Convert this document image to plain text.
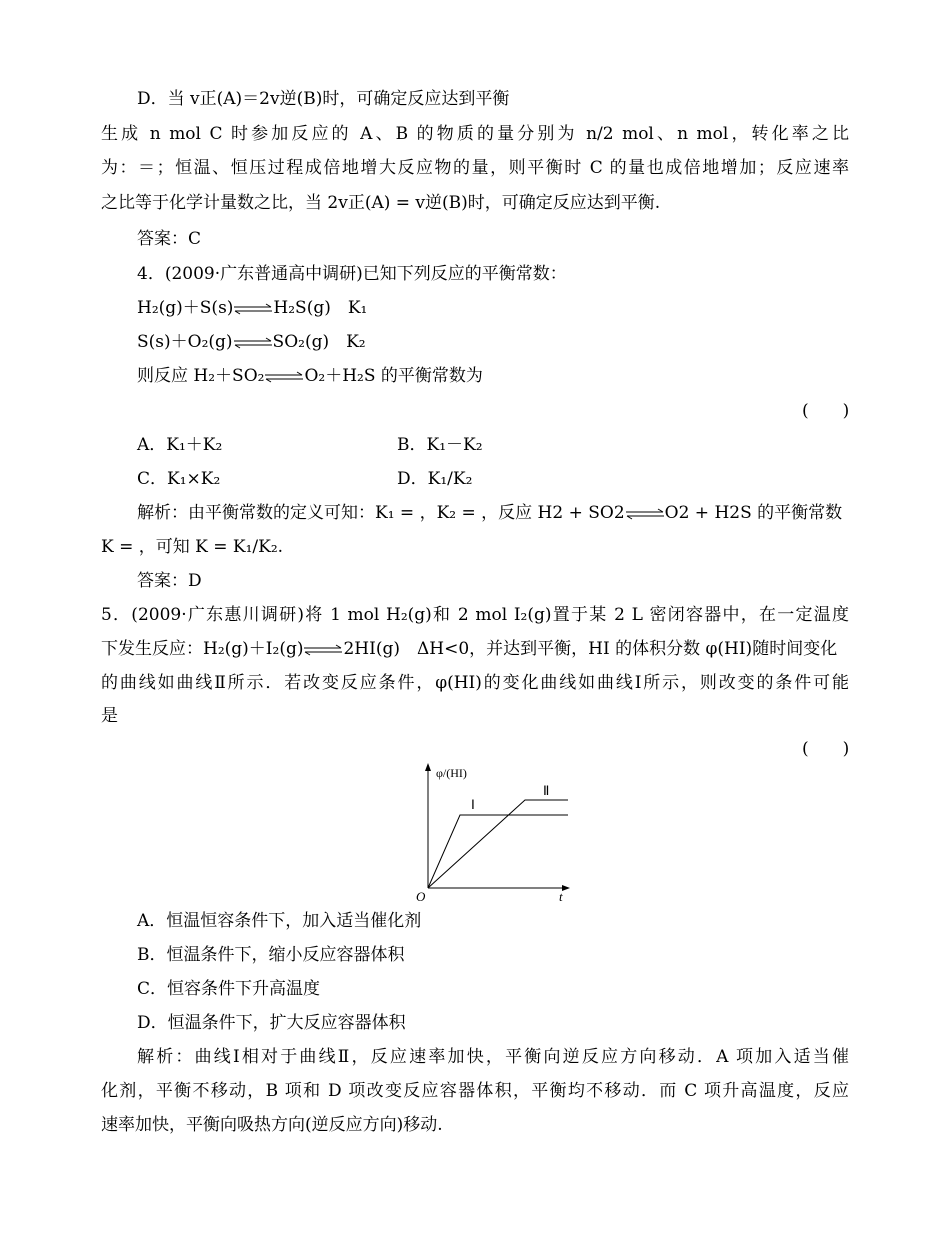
D．当 v正(A)＝2v逆(B)时，可确定反应达到平衡
生成 n mol C 时参加反应的 A、B 的物质的量分别为 n/2 mol、n mol，转化率之比
为：＝；恒温、恒压过程成倍地增大反应物的量，则平衡时 C 的量也成倍地增加；反应速率
之比等于化学计量数之比，当 2v正(A) = v逆(B)时，可确定反应达到平衡.
答案：C
4．(2009·广东普通高中调研)已知下列反应的平衡常数：
H₂(g)＋S(s)⇌H₂S(g)　K₁
S(s)＋O₂(g)⇌SO₂(g)　K₂
则反应 H₂＋SO₂⇌O₂＋H₂S 的平衡常数为
(　　)
A．K₁＋K₂	B．K₁－K₂
C．K₁×K₂	D．K₁/K₂
解析：由平衡常数的定义可知：K₁ = ，K₂ = ，反应 H2 + SO2⇌O2 + H2S 的平衡常数
K = ，可知 K = K₁/K₂.
答案：D
5．(2009·广东惠川调研)将 1 mol H₂(g)和 2 mol I₂(g)置于某 2 L 密闭容器中，在一定温度
下发生反应：H₂(g)＋I₂(g)⇌2HI(g)　ΔH<0，并达到平衡，HI 的体积分数 φ(HI)随时间变化
的曲线如曲线Ⅱ所示．若改变反应条件，φ(HI)的变化曲线如曲线Ⅰ所示，则改变的条件可能
是
(　　)
φ/(HI)
Ⅰ
Ⅱ
O	t
A．恒温恒容条件下，加入适当催化剂
B．恒温条件下，缩小反应容器体积
C．恒容条件下升高温度
D．恒温条件下，扩大反应容器体积
解析：曲线Ⅰ相对于曲线Ⅱ，反应速率加快，平衡向逆反应方向移动．A 项加入适当催
化剂，平衡不移动，B 项和 D 项改变反应容器体积，平衡均不移动．而 C 项升高温度，反应
速率加快，平衡向吸热方向(逆反应方向)移动.
